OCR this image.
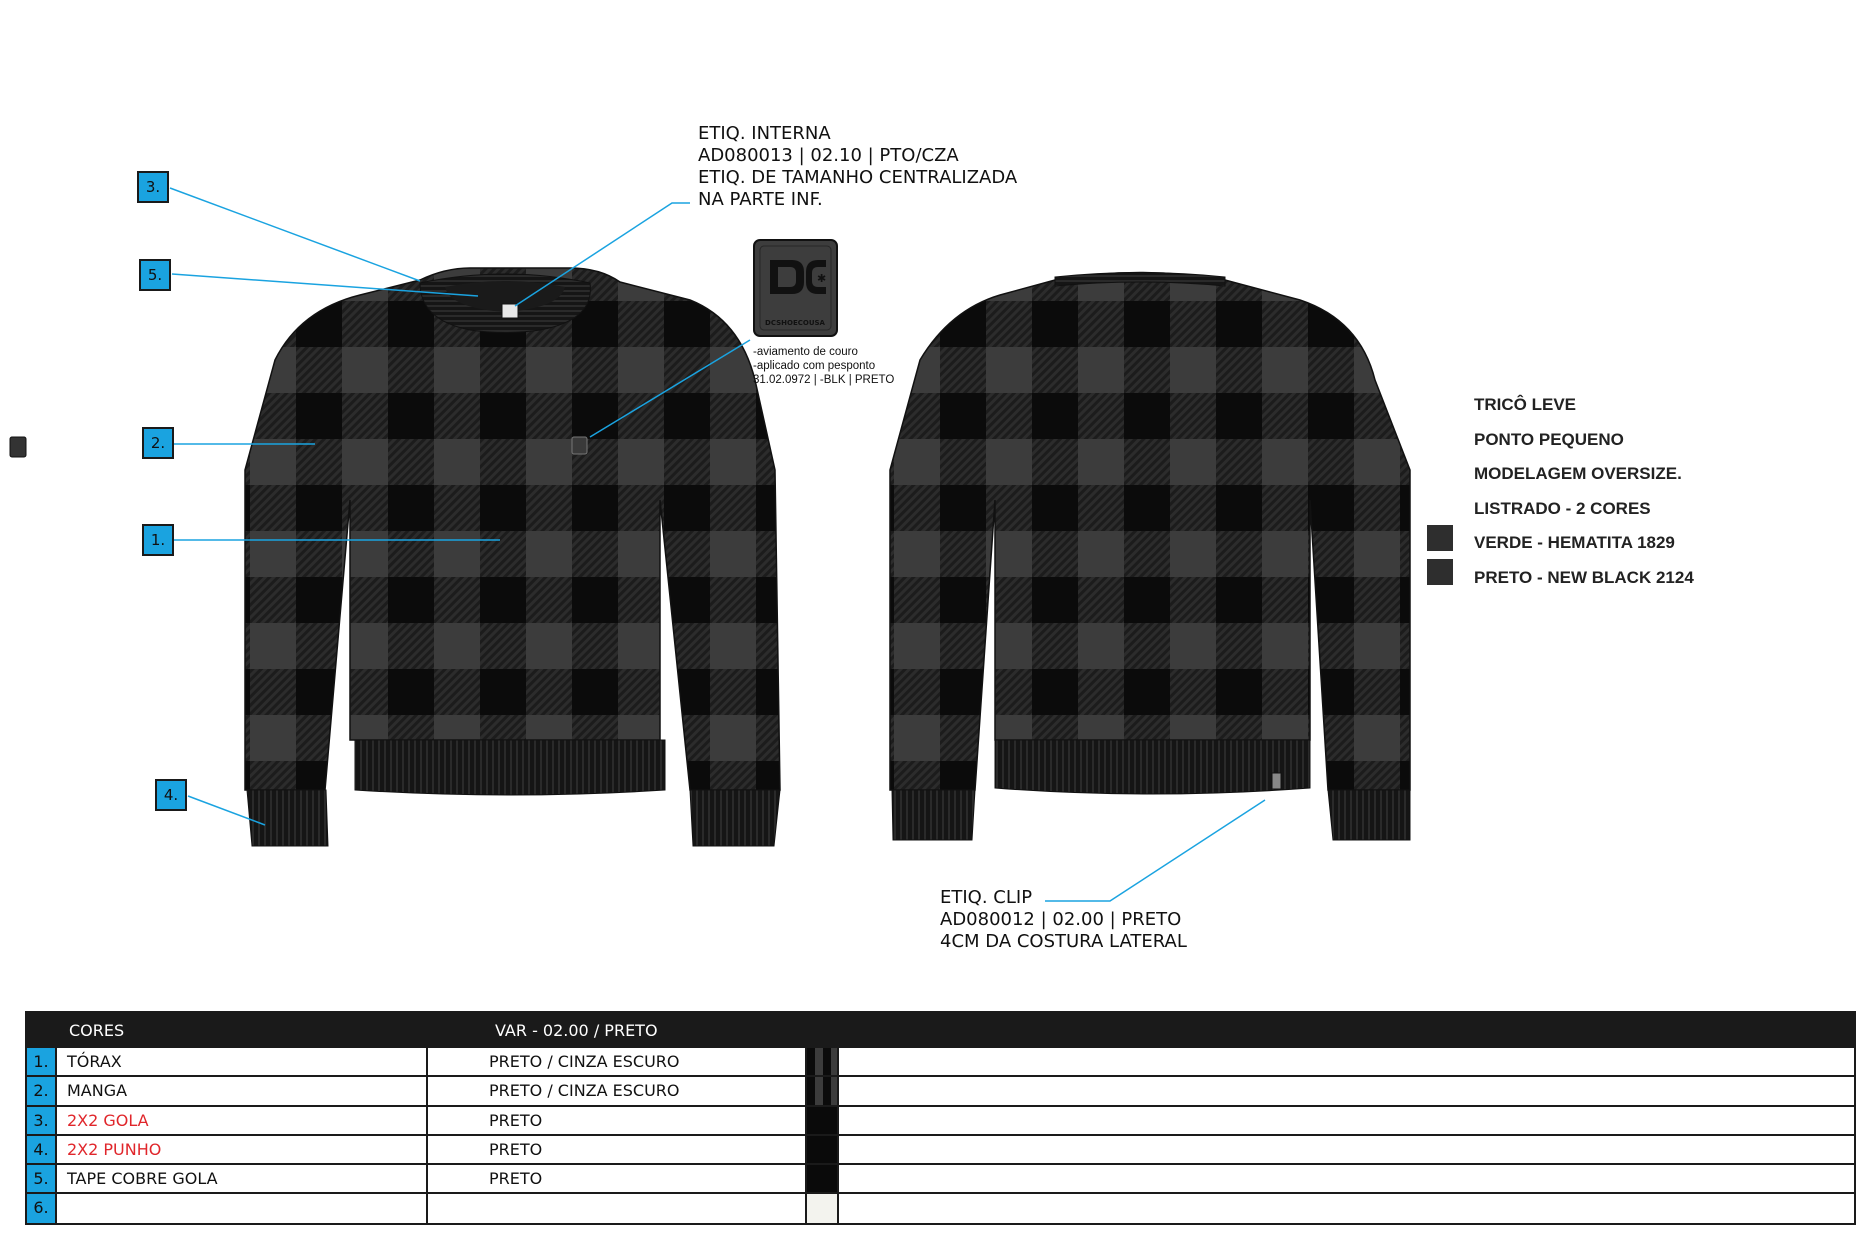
✱
DCSHOECOUSA
3.
5.
2.
1.
4.
ETIQ. INTERNA
AD080013 | 02.10 | PTO/CZA
ETIQ. DE TAMANHO CENTRALIZADA
NA PARTE INF.
-aviamento de couro
-aplicado com pesponto
31.02.0972 | -BLK | PRETO
ETIQ. CLIP
AD080012 | 02.00 | PRETO
4CM DA COSTURA LATERAL
TRICÔ LEVE
PONTO PEQUENO
MODELAGEM OVERSIZE.
LISTRADO - 2 CORES
VERDE - HEMATITA 1829
PRETO - NEW BLACK 2124
CORES	VAR - 02.00 / PRETO
1.	TÓRAX	PRETO / CINZA ESCURO
2.	MANGA	PRETO / CINZA ESCURO
3.	2X2 GOLA	PRETO
4.	2X2 PUNHO	PRETO
5.	TAPE COBRE GOLA	PRETO
6.
